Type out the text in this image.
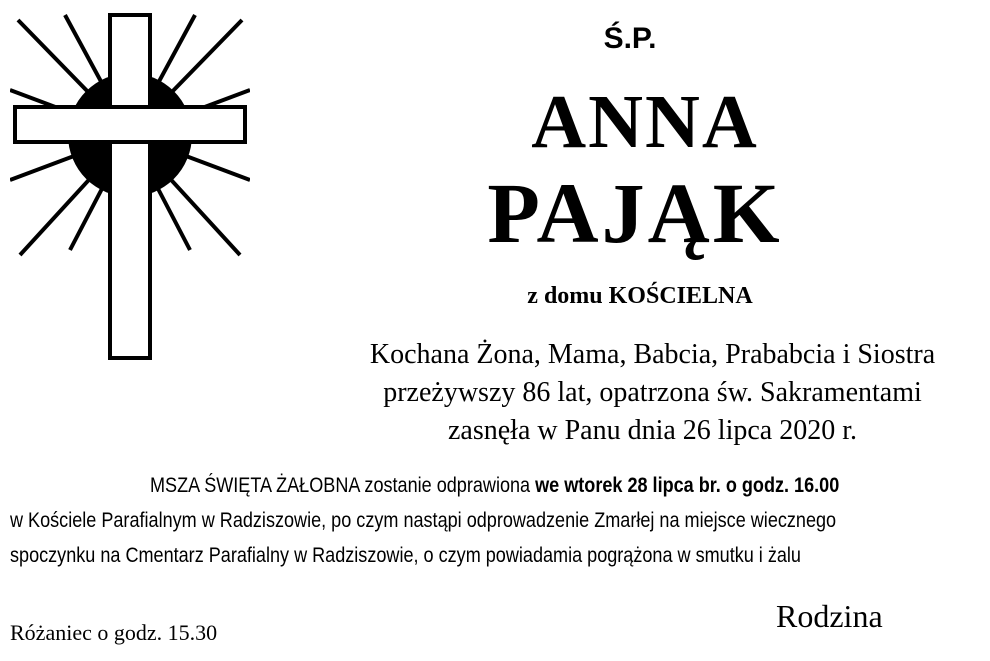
Ś.P.
ANNA
PAJĄK
z domu KOŚCIELNA
Kochana Żona, Mama, Babcia, Prababcia i Siostra
przeżywszy 86 lat, opatrzona św. Sakramentami
zasnęła w Panu dnia 26 lipca 2020 r.
MSZA ŚWIĘTA ŻAŁOBNA zostanie odprawiona we wtorek 28 lipca br. o godz. 16.00
w Kościele Parafialnym w Radziszowie, po czym nastąpi odprowadzenie Zmarłej na miejsce wiecznego
spoczynku na Cmentarz Parafialny w Radziszowie, o czym powiadamia pogrążona w smutku i żalu
Różaniec o godz. 15.30	Rodzina
